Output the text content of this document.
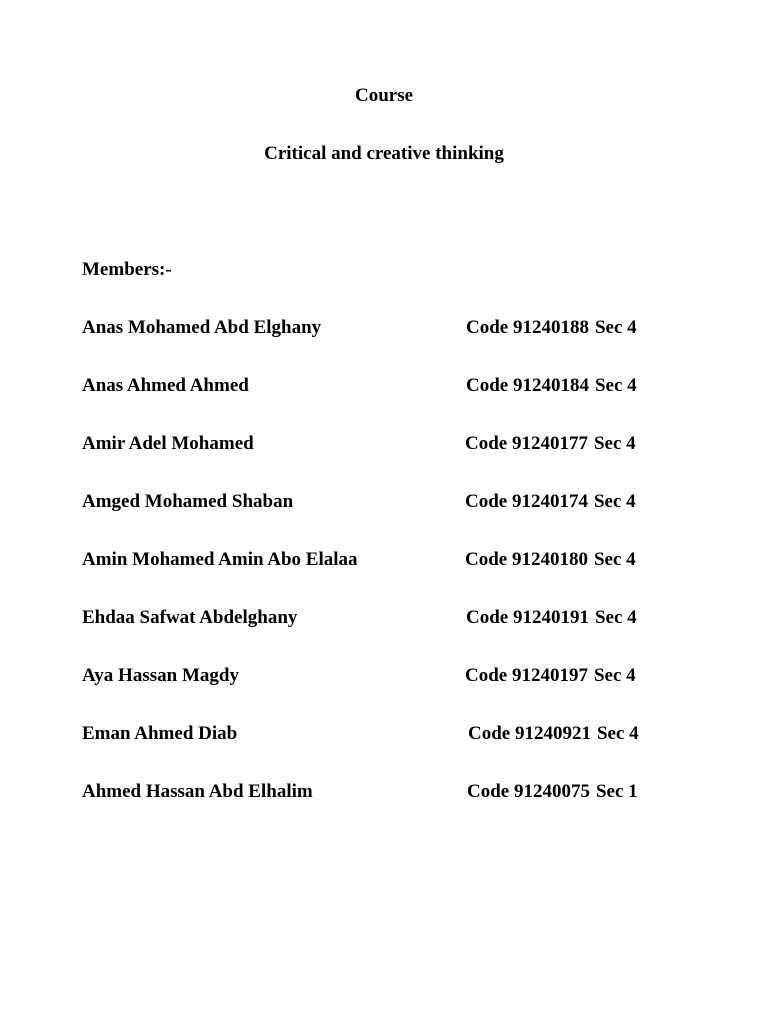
Course
Critical and creative thinking
Members:-
Anas Mohamed Abd Elghany	Code 91240188 Sec 4
Anas Ahmed Ahmed	Code 91240184 Sec 4
Amir Adel Mohamed	Code 91240177 Sec 4
Amged Mohamed Shaban	Code 91240174 Sec 4
Amin Mohamed Amin Abo Elalaa	Code 91240180 Sec 4
Ehdaa Safwat Abdelghany	Code 91240191 Sec 4
Aya Hassan Magdy	Code 91240197 Sec 4
Eman Ahmed Diab	Code 91240921 Sec 4
Ahmed Hassan Abd Elhalim	Code 91240075 Sec 1
